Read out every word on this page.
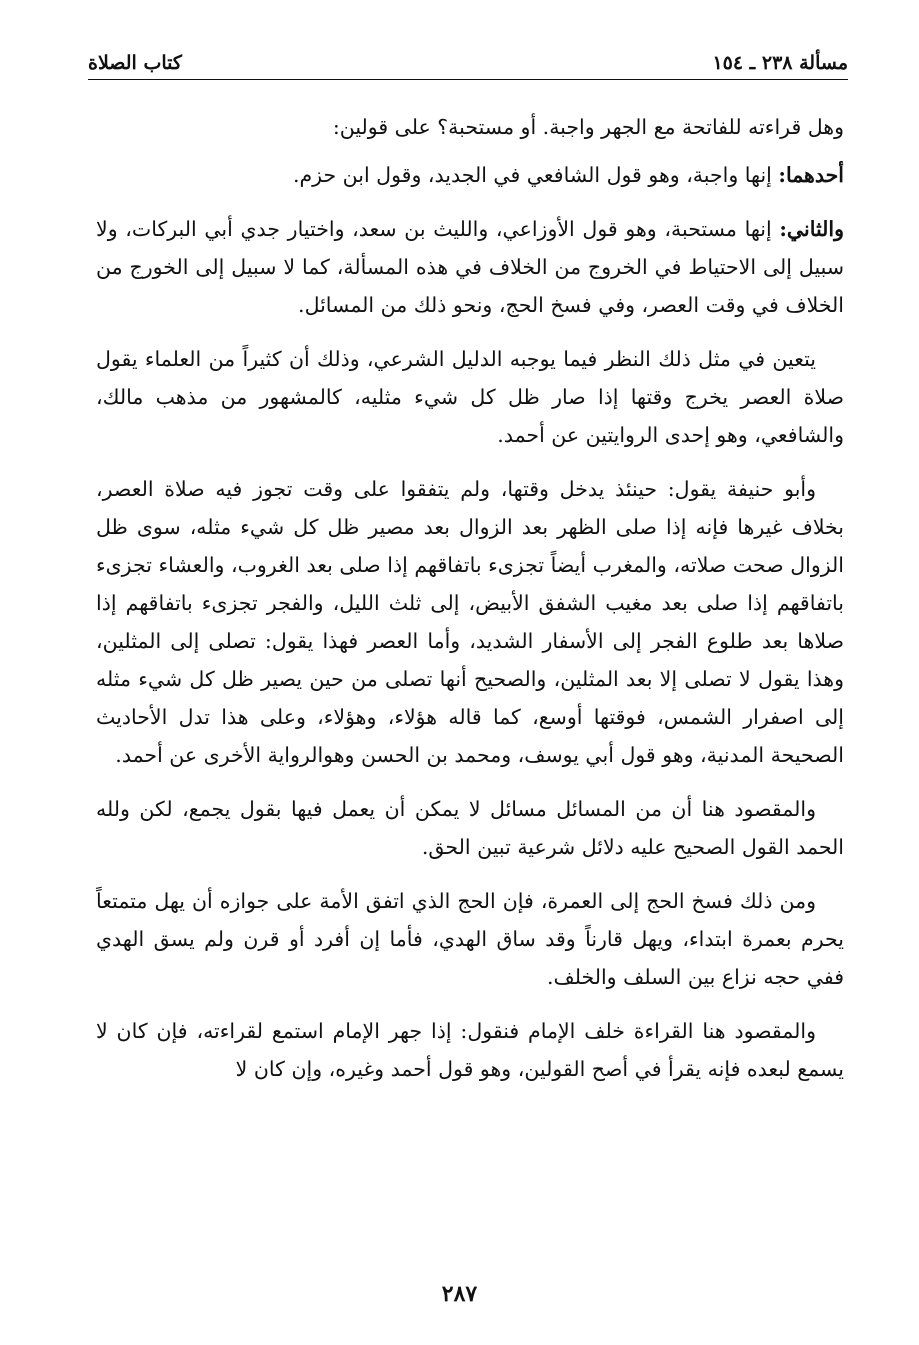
مسألة ٢٣٨ ـ ١٥٤
كتاب الصلاة

وهل قراءته للفاتحة مع الجهر واجبة. أو مستحبة؟ على قولين:

أحدهما: إنها واجبة، وهو قول الشافعي في الجديد، وقول ابن حزم.

والثاني: إنها مستحبة، وهو قول الأوزاعي، والليث بن سعد، واختيار جدي أبي البركات، ولا سبيل إلى الاحتياط في الخروج من الخلاف في هذه المسألة، كما لا سبيل إلى الخورج من الخلاف في وقت العصر، وفي فسخ الحج، ونحو ذلك من المسائل.

يتعين في مثل ذلك النظر فيما يوجبه الدليل الشرعي، وذلك أن كثيراً من العلماء يقول صلاة العصر يخرج وقتها إذا صار ظل كل شيء مثليه، كالمشهور من مذهب مالك، والشافعي، وهو إحدى الروايتين عن أحمد.

وأبو حنيفة يقول: حينئذ يدخل وقتها، ولم يتفقوا على وقت تجوز فيه صلاة العصر، بخلاف غيرها فإنه إذا صلى الظهر بعد الزوال بعد مصير ظل كل شيء مثله، سوى ظل الزوال صحت صلاته، والمغرب أيضاً تجزىء باتفاقهم إذا صلى بعد الغروب، والعشاء تجزىء باتفاقهم إذا صلى بعد مغيب الشفق الأبيض، إلى ثلث الليل، والفجر تجزىء باتفاقهم إذا صلاها بعد طلوع الفجر إلى الأسفار الشديد، وأما العصر فهذا يقول: تصلى إلى المثلين، وهذا يقول لا تصلى إلا بعد المثلين، والصحيح أنها تصلى من حين يصير ظل كل شيء مثله إلى اصفرار الشمس، فوقتها أوسع، كما قاله هؤلاء، وهؤلاء، وعلى هذا تدل الأحاديث الصحيحة المدنية، وهو قول أبي يوسف، ومحمد بن الحسن وهوالرواية الأخرى عن أحمد.

والمقصود هنا أن من المسائل مسائل لا يمكن أن يعمل فيها بقول يجمع، لكن ولله الحمد القول الصحيح عليه دلائل شرعية تبين الحق.

ومن ذلك فسخ الحج إلى العمرة، فإن الحج الذي اتفق الأمة على جوازه أن يهل متمتعاً يحرم بعمرة ابتداء، ويهل قارناً وقد ساق الهدي، فأما إن أفرد أو قرن ولم يسق الهدي ففي حجه نزاع بين السلف والخلف.

والمقصود هنا القراءة خلف الإمام فنقول: إذا جهر الإمام استمع لقراءته، فإن كان لا يسمع لبعده فإنه يقرأ في أصح القولين، وهو قول أحمد وغيره، وإن كان لا

٢٨٧
